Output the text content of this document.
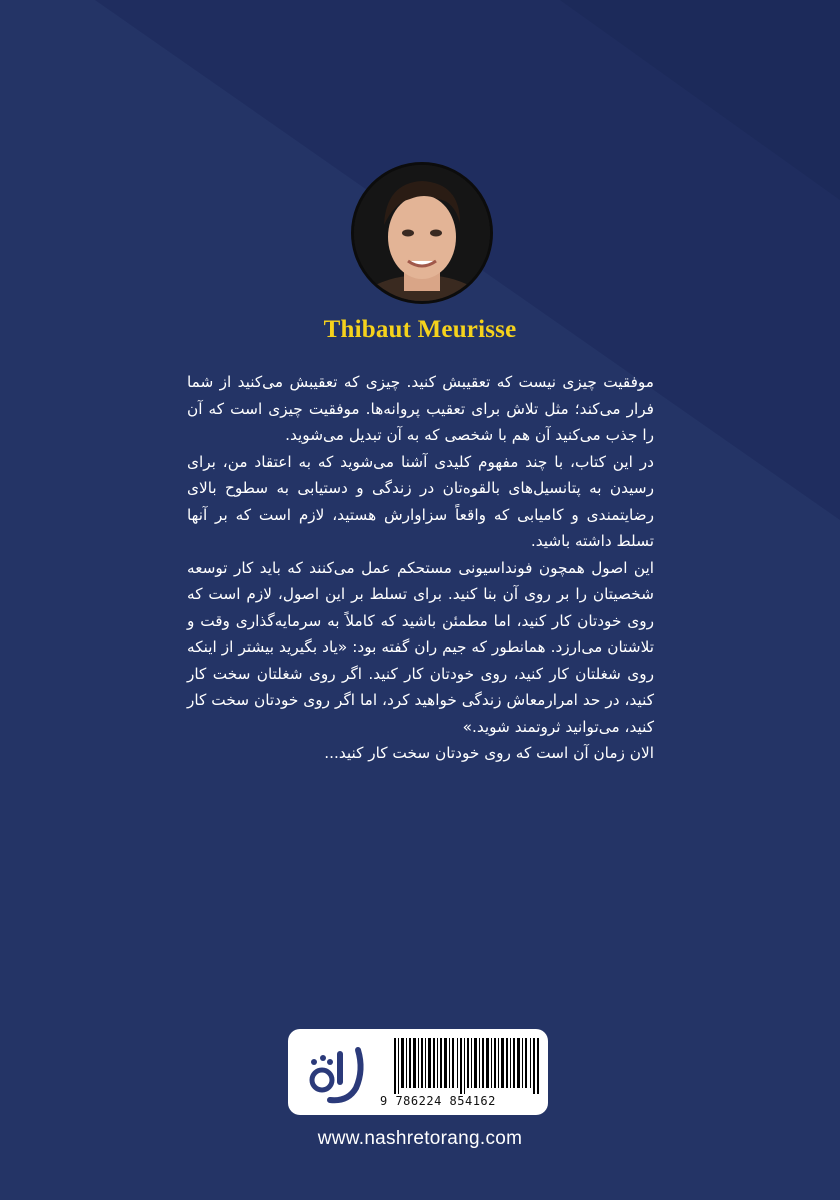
Thibaut Meurisse

موفقیت چیزی نیست که تعقیبش کنید. چیزی که تعقیبش می‌کنید از شما فرار می‌کند؛ مثل تلاش برای تعقیب پروانه‌ها. موفقیت چیزی است که آن را جذب می‌کنید آن هم با شخصی که به آن تبدیل می‌شوید.

در این کتاب، با چند مفهوم کلیدی آشنا می‌شوید که به اعتقاد من، برای رسیدن به پتانسیل‌های بالقوه‌تان در زندگی و دستیابی به سطوح بالای رضایتمندی و کامیابی که واقعاً سزاوارش هستید، لازم است که بر آنها تسلط داشته باشید.

این اصول همچون فونداسیونی مستحکم عمل می‌کنند که باید کار توسعه شخصیتان را بر روی آن بنا کنید. برای تسلط بر این اصول، لازم است که روی خودتان کار کنید، اما مطمئن باشید که کاملاً به سرمایه‌گذاری وقت و تلاشتان می‌ارزد. همانطور که جیم ران گفته بود: «یاد بگیرید بیشتر از اینکه روی شغلتان کار کنید، روی خودتان کار کنید. اگر روی شغلتان سخت کار کنید، در حد امرارمعاش زندگی خواهید کرد، اما اگر روی خودتان سخت کار کنید، می‌توانید ثروتمند شوید.»

الان زمان آن است که روی خودتان سخت کار کنید...

9 786224 854162
www.nashretorang.com
